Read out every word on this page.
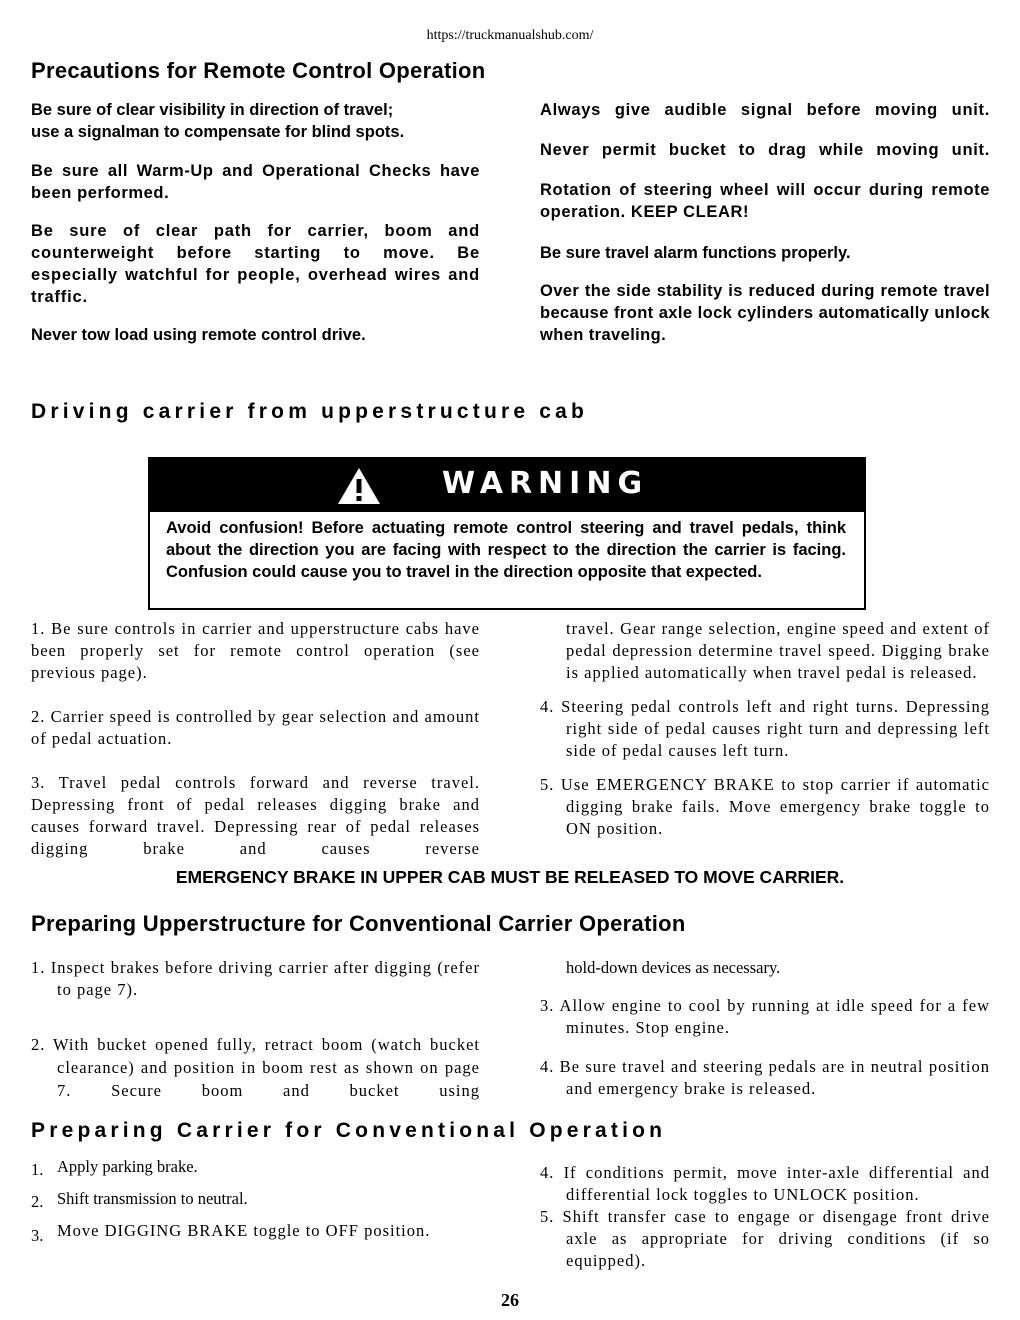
https://truckmanualshub.com/
Precautions for Remote Control Operation

Be sure of clear visibility in direction of travel;

use a signalman to compensate for blind spots.

Be sure all Warm-Up and Operational Checks have been performed.

Be sure of clear path for carrier, boom and counterweight before starting to move. Be especially watchful for people, overhead wires and traffic.

Never tow load using remote control drive.

Always give audible signal before moving unit.

Never permit bucket to drag while moving unit.

Rotation of steering wheel will occur during remote operation. KEEP CLEAR!

Be sure travel alarm functions properly.

Over the side stability is reduced during remote travel because front axle lock cylinders automatically unlock when traveling.

Driving carrier from upperstructure cab
WARNING
Avoid confusion! Before actuating remote control steering and travel pedals, think about the direction you are facing with respect to the direction the carrier is facing. Confusion could cause you to travel in the direction opposite that expected.

1. Be sure controls in carrier and upperstructure cabs have been properly set for remote control operation (see previous page).

2. Carrier speed is controlled by gear selection and amount of pedal actuation.

3. Travel pedal controls forward and reverse travel. Depressing front of pedal releases digging brake and causes forward travel. Depressing rear of pedal releases digging brake and causes reverse

travel. Gear range selection, engine speed and extent of pedal depression determine travel speed. Digging brake is applied automatically when travel pedal is released.

4. Steering pedal controls left and right turns. Depressing right side of pedal causes right turn and depressing left side of pedal causes left turn.

5. Use EMERGENCY BRAKE to stop carrier if automatic digging brake fails. Move emergency brake toggle to ON position.

EMERGENCY BRAKE IN UPPER CAB MUST BE RELEASED TO MOVE CARRIER.
Preparing Upperstructure for Conventional Carrier Operation

1. Inspect brakes before driving carrier after digging (refer to page 7).

2. With bucket opened fully, retract boom (watch bucket clearance) and position in boom rest as shown on page 7. Secure boom and bucket using

hold-down devices as necessary.

3. Allow engine to cool by running at idle speed for a few minutes. Stop engine.

4. Be sure travel and steering pedals are in neutral position and emergency brake is released.

Preparing Carrier for Conventional Operation
1. Apply parking brake.
2. Shift transmission to neutral.
3. Move DIGGING BRAKE toggle to OFF position.

4. If conditions permit, move inter-axle differential and differential lock toggles to UNLOCK position.

5. Shift transfer case to engage or disengage front drive axle as appropriate for driving conditions (if so equipped).

26
